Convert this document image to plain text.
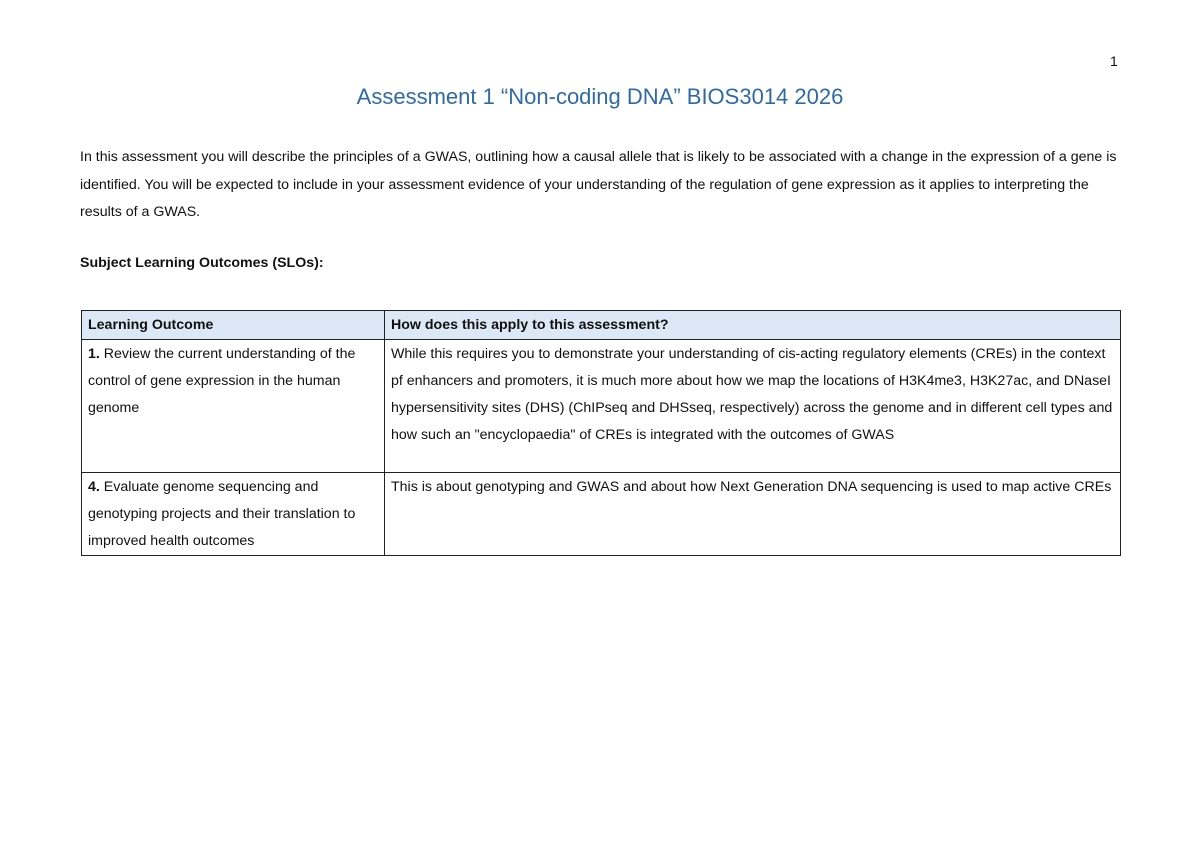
1
Assessment 1 “Non-coding DNA” BIOS3014 2026

In this assessment you will describe the principles of a GWAS, outlining how a causal allele that is likely to be associated with a change in the expression of a gene is identified. You will be expected to include in your assessment evidence of your understanding of the regulation of gene expression as it applies to interpreting the results of a GWAS.

Subject Learning Outcomes (SLOs):
Learning Outcome	How does this apply to this assessment?
1. Review the current understanding of the control of gene expression in the human genome	While this requires you to demonstrate your understanding of cis-acting regulatory elements (CREs) in the context pf enhancers and promoters, it is much more about how we map the locations of H3K4me3, H3K27ac, and DNaseI hypersensitivity sites (DHS) (ChIPseq and DHSseq, respectively) across the genome and in different cell types and how such an "encyclopaedia" of CREs is integrated with the outcomes of GWAS
4. Evaluate genome sequencing and genotyping projects and their translation to improved health outcomes	This is about genotyping and GWAS and about how Next Generation DNA sequencing is used to map active CREs
